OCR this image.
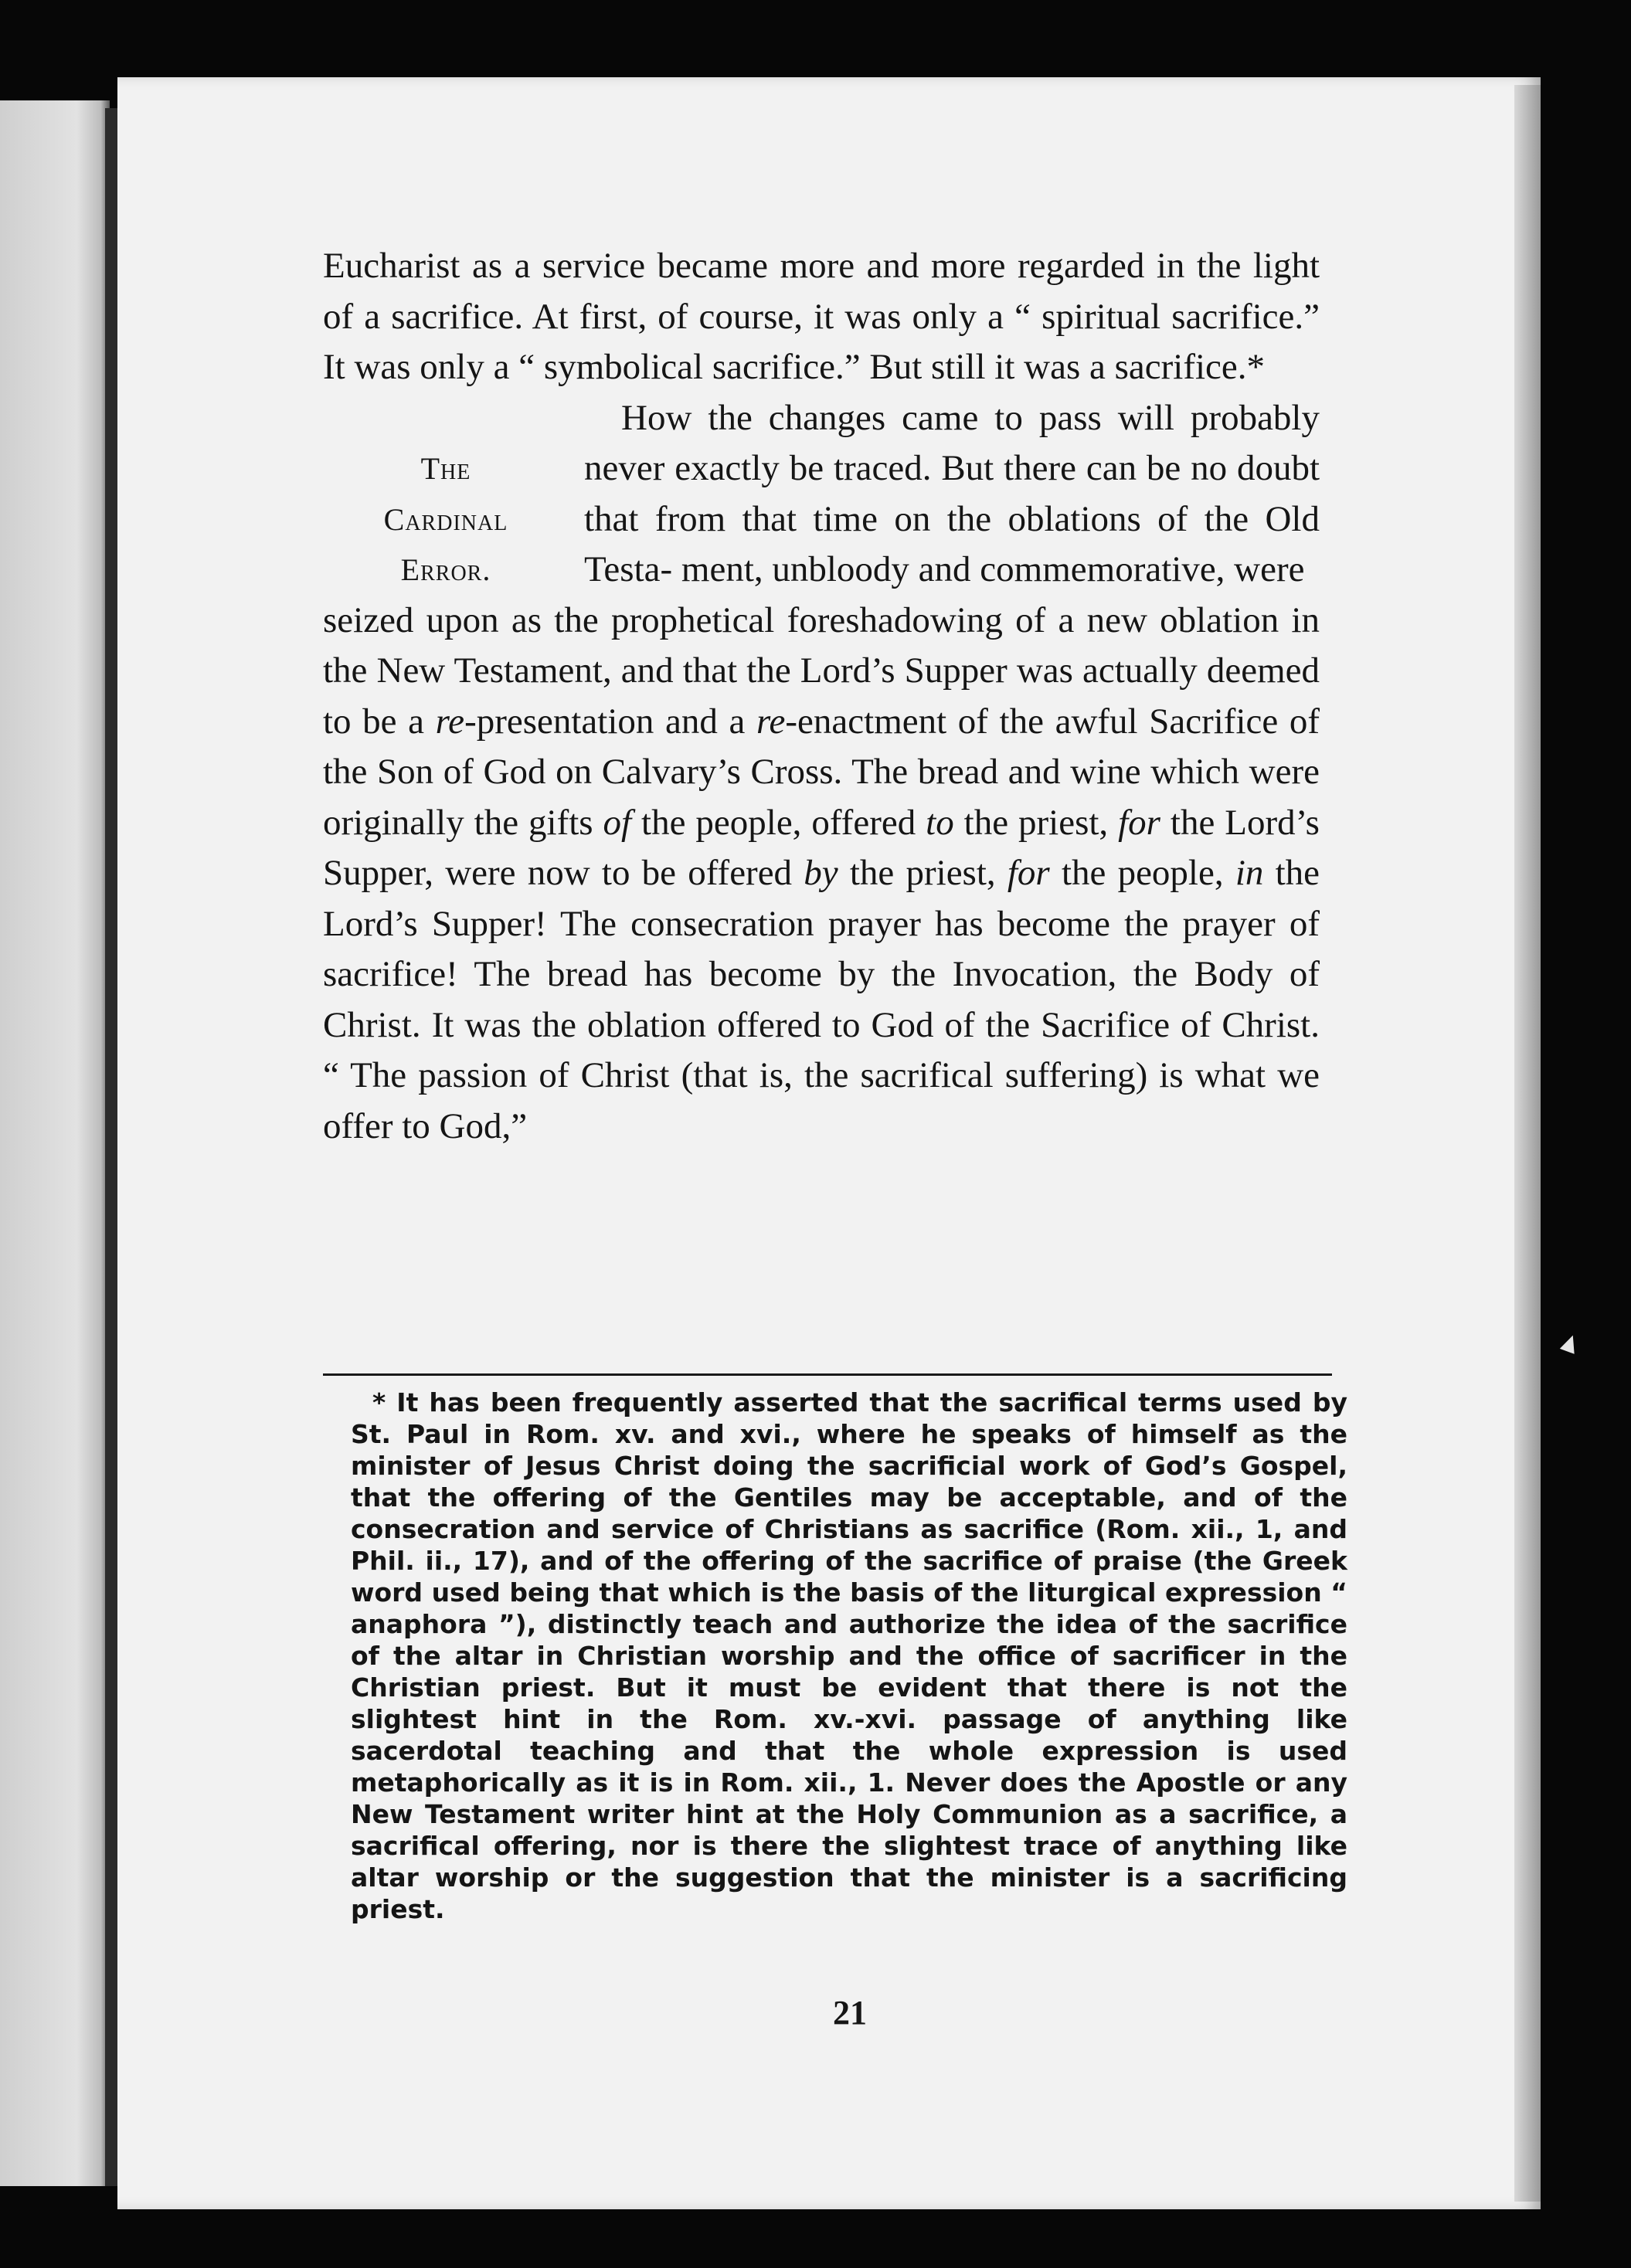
Eucharist as a service became more and more regarded in the light of a sacrifice. At first, of course, it was only a “ spiritual sacrifice.” It was only a “ symbolical sacrifice.” But still it was a sacrifice.*

The
Cardinal
Error.
How the changes came to pass will probably never exactly be traced. But there can be no doubt that from that time on the oblations of the Old Testa- ment, unbloody and commemorative, were

seized upon as the prophetical foreshadowing of a new oblation in the New Testament, and that the Lord’s Supper was actually deemed to be a re-presentation and a re-enactment of the awful Sacrifice of the Son of God on Calvary’s Cross. The bread and wine which were originally the gifts of the people, offered to the priest, for the Lord’s Supper, were now to be offered by the priest, for the people, in the Lord’s Supper! The consecration prayer has become the prayer of sacrifice! The bread has become by the Invocation, the Body of Christ. It was the oblation offered to God of the Sacrifice of Christ. “ The passion of Christ (that is, the sacrifical suffering) is what we offer to God,”

* It has been frequently asserted that the sacrifical terms used by St. Paul in Rom. xv. and xvi., where he speaks of himself as the minister of Jesus Christ doing the sacrificial work of God’s Gospel, that the offering of the Gentiles may be acceptable, and of the consecration and service of Christians as sacrifice (Rom. xii., 1, and Phil. ii., 17), and of the offering of the sacrifice of praise (the Greek word used being that which is the basis of the liturgical expression “ anaphora ”), distinctly teach and authorize the idea of the sacrifice of the altar in Christian worship and the office of sacrificer in the Christian priest. But it must be evident that there is not the slightest hint in the Rom. xv.-xvi. passage of anything like sacerdotal teaching and that the whole expression is used metaphorically as it is in Rom. xii., 1. Never does the Apostle or any New Testament writer hint at the Holy Communion as a sacrifice, a sacrifical offering, nor is there the slightest trace of anything like altar worship or the suggestion that the minister is a sacrificing priest.

21
